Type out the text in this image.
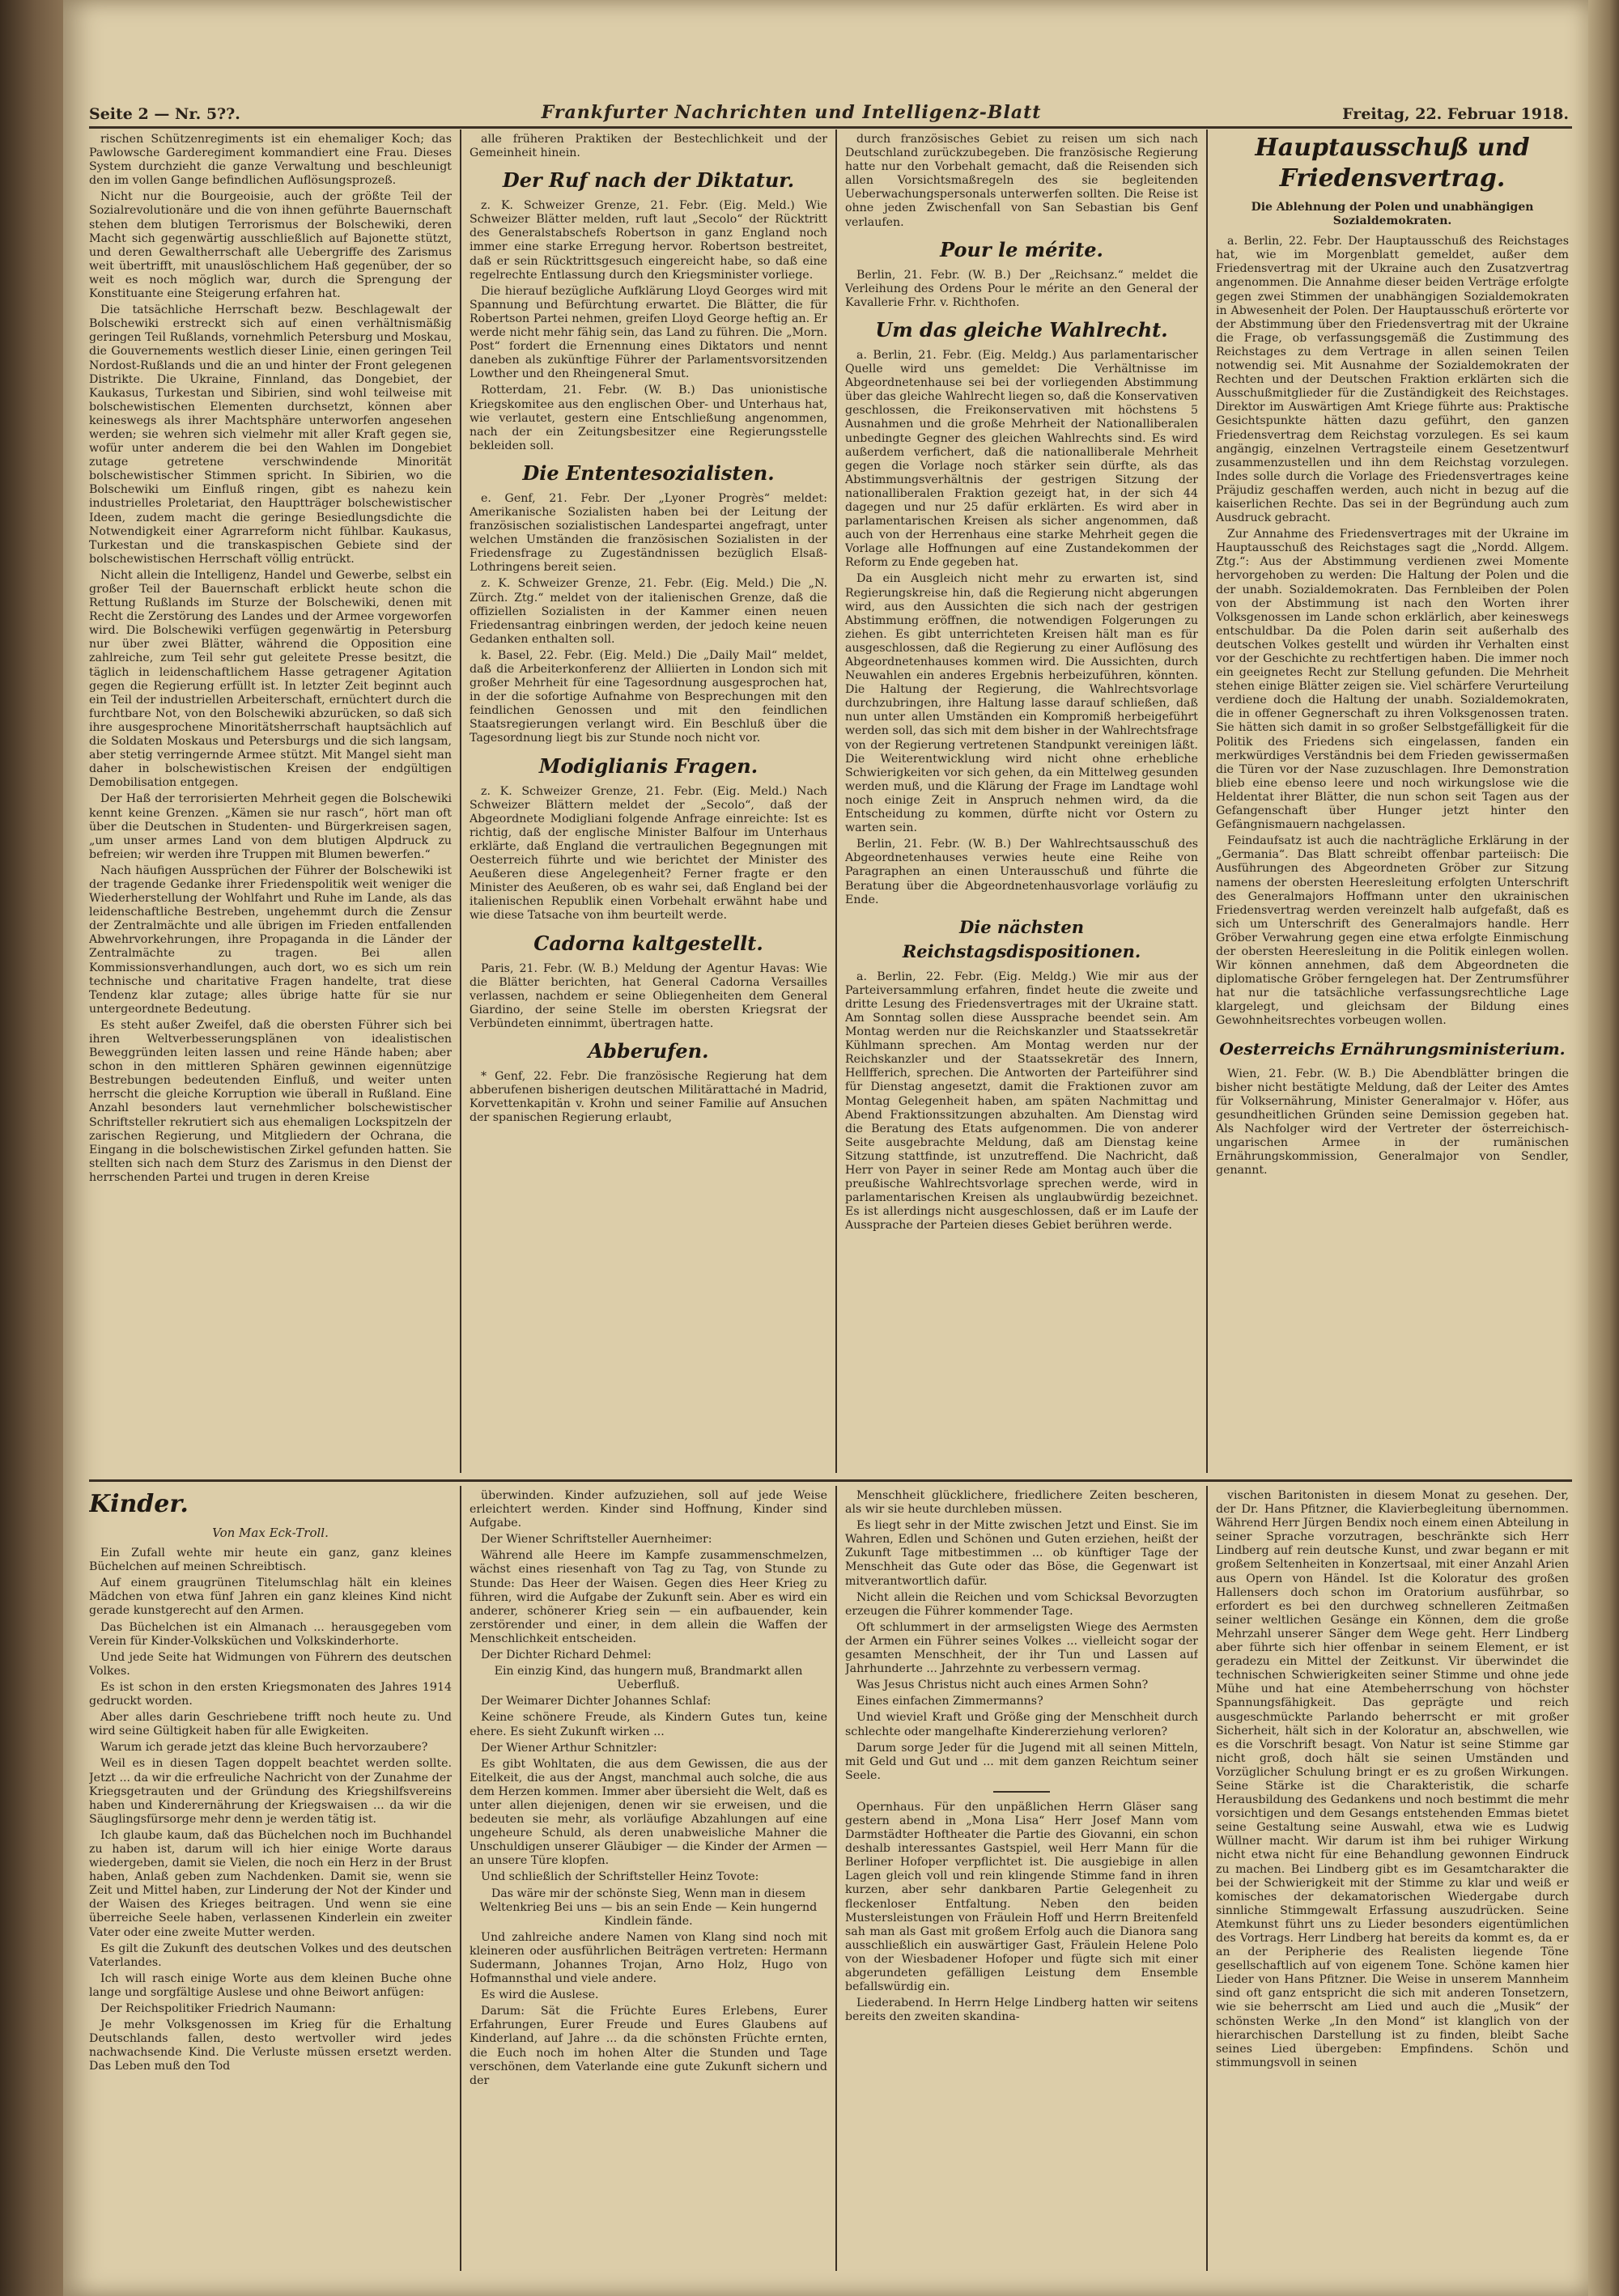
Seite 2 — Nr. 5??.	Frankfurter Nachrichten und Intelligenz-Blatt	Freitag, 22. Februar 1918.

rischen Schützenregiments ist ein ehemaliger Koch; das Pawlowsche Garderegiment kommandiert eine Frau. Dieses System durchzieht die ganze Verwaltung und beschleunigt den im vollen Gange befindlichen Auflösungsprozeß.

Nicht nur die Bourgeoisie, auch der größte Teil der Sozialrevolutionäre und die von ihnen geführte Bauernschaft stehen dem blutigen Terrorismus der Bolschewiki, deren Macht sich gegenwärtig ausschließlich auf Bajonette stützt, und deren Gewaltherrschaft alle Uebergriffe des Zarismus weit übertrifft, mit unauslöschlichem Haß gegenüber, der so weit es noch möglich war, durch die Sprengung der Konstituante eine Steigerung erfahren hat.

Die tatsächliche Herrschaft bezw. Beschlagewalt der Bolschewiki erstreckt sich auf einen verhältnismäßig geringen Teil Rußlands, vornehmlich Petersburg und Moskau, die Gouvernements westlich dieser Linie, einen geringen Teil Nordost-Rußlands und die an und hinter der Front gelegenen Distrikte. Die Ukraine, Finnland, das Dongebiet, der Kaukasus, Turkestan und Sibirien, sind wohl teilweise mit bolschewistischen Elementen durchsetzt, können aber keineswegs als ihrer Machtsphäre unterworfen angesehen werden; sie wehren sich vielmehr mit aller Kraft gegen sie, wofür unter anderem die bei den Wahlen im Dongebiet zutage getretene verschwindende Minorität bolschewistischer Stimmen spricht. In Sibirien, wo die Bolschewiki um Einfluß ringen, gibt es nahezu kein industrielles Proletariat, den Hauptträger bolschewistischer Ideen, zudem macht die geringe Besiedlungsdichte die Notwendigkeit einer Agrarreform nicht fühlbar. Kaukasus, Turkestan und die transkaspischen Gebiete sind der bolschewistischen Herrschaft völlig entrückt.

Nicht allein die Intelligenz, Handel und Gewerbe, selbst ein großer Teil der Bauernschaft erblickt heute schon die Rettung Rußlands im Sturze der Bolschewiki, denen mit Recht die Zerstörung des Landes und der Armee vorgeworfen wird. Die Bolschewiki verfügen gegenwärtig in Petersburg nur über zwei Blätter, während die Opposition eine zahlreiche, zum Teil sehr gut geleitete Presse besitzt, die täglich in leidenschaftlichem Hasse getragener Agitation gegen die Regierung erfüllt ist. In letzter Zeit beginnt auch ein Teil der industriellen Arbeiterschaft, ernüchtert durch die furchtbare Not, von den Bolschewiki abzurücken, so daß sich ihre ausgesprochene Minoritätsherrschaft hauptsächlich auf die Soldaten Moskaus und Petersburgs und die sich langsam, aber stetig verringernde Armee stützt. Mit Mangel sieht man daher in bolschewistischen Kreisen der endgültigen Demobilisation entgegen.

Der Haß der terrorisierten Mehrheit gegen die Bolschewiki kennt keine Grenzen. „Kämen sie nur rasch“, hört man oft über die Deutschen in Studenten- und Bürgerkreisen sagen, „um unser armes Land von dem blutigen Alpdruck zu befreien; wir werden ihre Truppen mit Blumen bewerfen.“

Nach häufigen Aussprüchen der Führer der Bolschewiki ist der tragende Gedanke ihrer Friedenspolitik weit weniger die Wiederherstellung der Wohlfahrt und Ruhe im Lande, als das leidenschaftliche Bestreben, ungehemmt durch die Zensur der Zentralmächte und alle übrigen im Frieden entfallenden Abwehrvorkehrungen, ihre Propaganda in die Länder der Zentralmächte zu tragen. Bei allen Kommissionsverhandlungen, auch dort, wo es sich um rein technische und charitative Fragen handelte, trat diese Tendenz klar zutage; alles übrige hatte für sie nur untergeordnete Bedeutung.

Es steht außer Zweifel, daß die obersten Führer sich bei ihren Weltverbesserungsplänen von idealistischen Beweggründen leiten lassen und reine Hände haben; aber schon in den mittleren Sphären gewinnen eigennützige Bestrebungen bedeutenden Einfluß, und weiter unten herrscht die gleiche Korruption wie überall in Rußland. Eine Anzahl besonders laut vernehmlicher bolschewistischer Schriftsteller rekrutiert sich aus ehemaligen Lockspitzeln der zarischen Regierung, und Mitgliedern der Ochrana, die Eingang in die bolschewistischen Zirkel gefunden hatten. Sie stellten sich nach dem Sturz des Zarismus in den Dienst der herrschenden Partei und trugen in deren Kreise

alle früheren Praktiken der Bestechlichkeit und der Gemeinheit hinein.

Der Ruf nach der Diktatur.

z. K. Schweizer Grenze, 21. Febr. (Eig. Meld.) Wie Schweizer Blätter melden, ruft laut „Secolo“ der Rücktritt des Generalstabschefs Robertson in ganz England noch immer eine starke Erregung hervor. Robertson bestreitet, daß er sein Rücktrittsgesuch eingereicht habe, so daß eine regelrechte Entlassung durch den Kriegsminister vorliege.

Die hierauf bezügliche Aufklärung Lloyd Georges wird mit Spannung und Befürchtung erwartet. Die Blätter, die für Robertson Partei nehmen, greifen Lloyd George heftig an. Er werde nicht mehr fähig sein, das Land zu führen. Die „Morn. Post“ fordert die Ernennung eines Diktators und nennt daneben als zukünftige Führer der Parlamentsvorsitzenden Lowther und den Rheingeneral Smut.

Rotterdam, 21. Febr. (W. B.) Das unionistische Kriegskomitee aus den englischen Ober- und Unterhaus hat, wie verlautet, gestern eine Entschließung angenommen, nach der ein Zeitungsbesitzer eine Regierungsstelle bekleiden soll.

Die Ententesozialisten.

e. Genf, 21. Febr. Der „Lyoner Progrès“ meldet: Amerikanische Sozialisten haben bei der Leitung der französischen sozialistischen Landespartei angefragt, unter welchen Umständen die französischen Sozialisten in der Friedensfrage zu Zugeständnissen bezüglich Elsaß-Lothringens bereit seien.

z. K. Schweizer Grenze, 21. Febr. (Eig. Meld.) Die „N. Zürch. Ztg.“ meldet von der italienischen Grenze, daß die offiziellen Sozialisten in der Kammer einen neuen Friedensantrag einbringen werden, der jedoch keine neuen Gedanken enthalten soll.

k. Basel, 22. Febr. (Eig. Meld.) Die „Daily Mail“ meldet, daß die Arbeiterkonferenz der Alliierten in London sich mit großer Mehrheit für eine Tagesordnung ausgesprochen hat, in der die sofortige Aufnahme von Besprechungen mit den feindlichen Genossen und mit den feindlichen Staatsregierungen verlangt wird. Ein Beschluß über die Tagesordnung liegt bis zur Stunde noch nicht vor.

Modiglianis Fragen.

z. K. Schweizer Grenze, 21. Febr. (Eig. Meld.) Nach Schweizer Blättern meldet der „Secolo“, daß der Abgeordnete Modigliani folgende Anfrage einreichte: Ist es richtig, daß der englische Minister Balfour im Unterhaus erklärte, daß England die vertraulichen Begegnungen mit Oesterreich führte und wie berichtet der Minister des Aeußeren diese Angelegenheit? Ferner fragte er den Minister des Aeußeren, ob es wahr sei, daß England bei der italienischen Republik einen Vorbehalt erwähnt habe und wie diese Tatsache von ihm beurteilt werde.

Cadorna kaltgestellt.

Paris, 21. Febr. (W. B.) Meldung der Agentur Havas: Wie die Blätter berichten, hat General Cadorna Versailles verlassen, nachdem er seine Obliegenheiten dem General Giardino, der seine Stelle im obersten Kriegsrat der Verbündeten einnimmt, übertragen hatte.

Abberufen.

* Genf, 22. Febr. Die französische Regierung hat dem abberufenen bisherigen deutschen Militärattaché in Madrid, Korvettenkapitän v. Krohn und seiner Familie auf Ansuchen der spanischen Regierung erlaubt,

durch französisches Gebiet zu reisen um sich nach Deutschland zurückzubegeben. Die französische Regierung hatte nur den Vorbehalt gemacht, daß die Reisenden sich allen Vorsichtsmaßregeln des sie begleitenden Ueberwachungspersonals unterwerfen sollten. Die Reise ist ohne jeden Zwischenfall von San Sebastian bis Genf verlaufen.

Pour le mérite.

Berlin, 21. Febr. (W. B.) Der „Reichsanz.“ meldet die Verleihung des Ordens Pour le mérite an den General der Kavallerie Frhr. v. Richthofen.

Um das gleiche Wahlrecht.

a. Berlin, 21. Febr. (Eig. Meldg.) Aus parlamentarischer Quelle wird uns gemeldet: Die Verhältnisse im Abgeordnetenhause sei bei der vorliegenden Abstimmung über das gleiche Wahlrecht liegen so, daß die Konservativen geschlossen, die Freikonservativen mit höchstens 5 Ausnahmen und die große Mehrheit der Nationalliberalen unbedingte Gegner des gleichen Wahlrechts sind. Es wird außerdem verfichert, daß die nationalliberale Mehrheit gegen die Vorlage noch stärker sein dürfte, als das Abstimmungsverhältnis der gestrigen Sitzung der nationalliberalen Fraktion gezeigt hat, in der sich 44 dagegen und nur 25 dafür erklärten. Es wird aber in parlamentarischen Kreisen als sicher angenommen, daß auch von der Herrenhaus eine starke Mehrheit gegen die Vorlage alle Hoffnungen auf eine Zustandekommen der Reform zu Ende gegeben hat.

Da ein Ausgleich nicht mehr zu erwarten ist, sind Regierungskreise hin, daß die Regierung nicht abgerungen wird, aus den Aussichten die sich nach der gestrigen Abstimmung eröffnen, die notwendigen Folgerungen zu ziehen. Es gibt unterrichteten Kreisen hält man es für ausgeschlossen, daß die Regierung zu einer Auflösung des Abgeordnetenhauses kommen wird. Die Aussichten, durch Neuwahlen ein anderes Ergebnis herbeizuführen, könnten. Die Haltung der Regierung, die Wahlrechtsvorlage durchzubringen, ihre Haltung lasse darauf schließen, daß nun unter allen Umständen ein Kompromiß herbeigeführt werden soll, das sich mit dem bisher in der Wahlrechtsfrage von der Regierung vertretenen Standpunkt vereinigen läßt. Die Weiterentwicklung wird nicht ohne erhebliche Schwierigkeiten vor sich gehen, da ein Mittelweg gesunden werden muß, und die Klärung der Frage im Landtage wohl noch einige Zeit in Anspruch nehmen wird, da die Entscheidung zu kommen, dürfte nicht vor Ostern zu warten sein.

Berlin, 21. Febr. (W. B.) Der Wahlrechtsausschuß des Abgeordnetenhauses verwies heute eine Reihe von Paragraphen an einen Unterausschuß und führte die Beratung über die Abgeordnetenhausvorlage vorläufig zu Ende.

Die nächsten Reichstagsdispositionen.

a. Berlin, 22. Febr. (Eig. Meldg.) Wie mir aus der Parteiversammlung erfahren, findet heute die zweite und dritte Lesung des Friedensvertrages mit der Ukraine statt. Am Sonntag sollen diese Aussprache beendet sein. Am Montag werden nur die Reichskanzler und Staatssekretär Kühlmann sprechen. Am Montag werden nur der Reichskanzler und der Staatssekretär des Innern, Hellfferich, sprechen. Die Antworten der Parteiführer sind für Dienstag angesetzt, damit die Fraktionen zuvor am Montag Gelegenheit haben, am späten Nachmittag und Abend Fraktionssitzungen abzuhalten. Am Dienstag wird die Beratung des Etats aufgenommen. Die von anderer Seite ausgebrachte Meldung, daß am Dienstag keine Sitzung stattfinde, ist unzutreffend. Die Nachricht, daß Herr von Payer in seiner Rede am Montag auch über die preußische Wahlrechtsvorlage sprechen werde, wird in parlamentarischen Kreisen als unglaubwürdig bezeichnet. Es ist allerdings nicht ausgeschlossen, daß er im Laufe der Aussprache der Parteien dieses Gebiet berühren werde.

Hauptausschuß und Friedensvertrag.
Die Ablehnung der Polen und unabhängigen Sozialdemokraten.

a. Berlin, 22. Febr. Der Hauptausschuß des Reichstages hat, wie im Morgenblatt gemeldet, außer dem Friedensvertrag mit der Ukraine auch den Zusatzvertrag angenommen. Die Annahme dieser beiden Verträge erfolgte gegen zwei Stimmen der unabhängigen Sozialdemokraten in Abwesenheit der Polen. Der Hauptausschuß erörterte vor der Abstimmung über den Friedensvertrag mit der Ukraine die Frage, ob verfassungsgemäß die Zustimmung des Reichstages zu dem Vertrage in allen seinen Teilen notwendig sei. Mit Ausnahme der Sozialdemokraten der Rechten und der Deutschen Fraktion erklärten sich die Ausschußmitglieder für die Zuständigkeit des Reichstages. Direktor im Auswärtigen Amt Kriege führte aus: Praktische Gesichtspunkte hätten dazu geführt, den ganzen Friedensvertrag dem Reichstag vorzulegen. Es sei kaum angängig, einzelnen Vertragsteile einem Gesetzentwurf zusammenzustellen und ihn dem Reichstag vorzulegen. Indes solle durch die Vorlage des Friedensvertrages keine Präjudiz geschaffen werden, auch nicht in bezug auf die kaiserlichen Rechte. Das sei in der Begründung auch zum Ausdruck gebracht.

Zur Annahme des Friedensvertrages mit der Ukraine im Hauptausschuß des Reichstages sagt die „Nordd. Allgem. Ztg.“: Aus der Abstimmung verdienen zwei Momente hervorgehoben zu werden: Die Haltung der Polen und die der unabh. Sozialdemokraten. Das Fernbleiben der Polen von der Abstimmung ist nach den Worten ihrer Volksgenossen im Lande schon erklärlich, aber keineswegs entschuldbar. Da die Polen darin seit außerhalb des deutschen Volkes gestellt und würden ihr Verhalten einst vor der Geschichte zu rechtfertigen haben. Die immer noch ein geeignetes Recht zur Stellung gefunden. Die Mehrheit stehen einige Blätter zeigen sie. Viel schärfere Verurteilung verdiene doch die Haltung der unabh. Sozialdemokraten, die in offener Gegnerschaft zu ihren Volksgenossen traten. Sie hätten sich damit in so großer Selbstgefälligkeit für die Politik des Friedens sich eingelassen, fanden ein merkwürdiges Verständnis bei dem Frieden gewissermaßen die Türen vor der Nase zuzuschlagen. Ihre Demonstration blieb eine ebenso leere und noch wirkungslose wie die Heldentat ihrer Blätter, die nun schon seit Tagen aus der Gefangenschaft über Hunger jetzt hinter den Gefängnismauern nachgelassen.

Feindaufsatz ist auch die nachträgliche Erklärung in der „Germania“. Das Blatt schreibt offenbar parteiisch: Die Ausführungen des Abgeordneten Gröber zur Sitzung namens der obersten Heeresleitung erfolgten Unterschrift des Generalmajors Hoffmann unter den ukrainischen Friedensvertrag werden vereinzelt halb aufgefaßt, daß es sich um Unterschrift des Generalmajors handle. Herr Gröber Verwahrung gegen eine etwa erfolgte Einmischung der obersten Heeresleitung in die Politik einlegen wollen. Wir können annehmen, daß dem Abgeordneten die diplomatische Gröber ferngelegen hat. Der Zentrumsführer hat nur die tatsächliche verfassungsrechtliche Lage klargelegt, und gleichsam der Bildung eines Gewohnheitsrechtes vorbeugen wollen.

Oesterreichs Ernährungsministerium.

Wien, 21. Febr. (W. B.) Die Abendblätter bringen die bisher nicht bestätigte Meldung, daß der Leiter des Amtes für Volksernährung, Minister Generalmajor v. Höfer, aus gesundheitlichen Gründen seine Demission gegeben hat. Als Nachfolger wird der Vertreter der österreichisch-ungarischen Armee in der rumänischen Ernährungskommission, Generalmajor von Sendler, genannt.

Kinder.
Von Max Eck-Troll.

Ein Zufall wehte mir heute ein ganz, ganz kleines Büchelchen auf meinen Schreibtisch.

Auf einem graugrünen Titelumschlag hält ein kleines Mädchen von etwa fünf Jahren ein ganz kleines Kind nicht gerade kunstgerecht auf den Armen.

Das Büchelchen ist ein Almanach ... herausgegeben vom Verein für Kinder-Volksküchen und Volkskinderhorte.

Und jede Seite hat Widmungen von Führern des deutschen Volkes.

Es ist schon in den ersten Kriegsmonaten des Jahres 1914 gedruckt worden.

Aber alles darin Geschriebene trifft noch heute zu. Und wird seine Gültigkeit haben für alle Ewigkeiten.

Warum ich gerade jetzt das kleine Buch hervorzaubere?

Weil es in diesen Tagen doppelt beachtet werden sollte. Jetzt ... da wir die erfreuliche Nachricht von der Zunahme der Kriegsgetrauten und der Gründung des Kriegshilfsvereins haben und Kinderernährung der Kriegswaisen ... da wir die Säuglingsfürsorge mehr denn je werden tätig ist.

Ich glaube kaum, daß das Büchelchen noch im Buchhandel zu haben ist, darum will ich hier einige Worte daraus wiedergeben, damit sie Vielen, die noch ein Herz in der Brust haben, Anlaß geben zum Nachdenken. Damit sie, wenn sie Zeit und Mittel haben, zur Linderung der Not der Kinder und der Waisen des Krieges beitragen. Und wenn sie eine überreiche Seele haben, verlassenen Kinderlein ein zweiter Vater oder eine zweite Mutter werden.

Es gilt die Zukunft des deutschen Volkes und des deutschen Vaterlandes.

Ich will rasch einige Worte aus dem kleinen Buche ohne lange und sorgfältige Auslese und ohne Beiwort anfügen:

Der Reichspolitiker Friedrich Naumann:

Je mehr Volksgenossen im Krieg für die Erhaltung Deutschlands fallen, desto wertvoller wird jedes nachwachsende Kind. Die Verluste müssen ersetzt werden. Das Leben muß den Tod

überwinden. Kinder aufzuziehen, soll auf jede Weise erleichtert werden. Kinder sind Hoffnung, Kinder sind Aufgabe.

Der Wiener Schriftsteller Auernheimer:

Während alle Heere im Kampfe zusammenschmelzen, wächst eines riesenhaft von Tag zu Tag, von Stunde zu Stunde: Das Heer der Waisen. Gegen dies Heer Krieg zu führen, wird die Aufgabe der Zukunft sein. Aber es wird ein anderer, schönerer Krieg sein — ein aufbauender, kein zerstörender und einer, in dem allein die Waffen der Menschlichkeit entscheiden.

Der Dichter Richard Dehmel:

Ein einzig Kind, das hungern muß, Brandmarkt allen Ueberfluß.

Der Weimarer Dichter Johannes Schlaf:

Keine schönere Freude, als Kindern Gutes tun, keine ehere. Es sieht Zukunft wirken ...

Der Wiener Arthur Schnitzler:

Es gibt Wohltaten, die aus dem Gewissen, die aus der Eitelkeit, die aus der Angst, manchmal auch solche, die aus dem Herzen kommen. Immer aber übersieht die Welt, daß es unter allen diejenigen, denen wir sie erweisen, und die bedeuten sie mehr, als vorläufige Abzahlungen auf eine ungeheure Schuld, als deren unabweisliche Mahner die Unschuldigen unserer Gläubiger — die Kinder der Armen — an unsere Türe klopfen.

Und schließlich der Schriftsteller Heinz Tovote:

Das wäre mir der schönste Sieg, Wenn man in diesem Weltenkrieg Bei uns — bis an sein Ende — Kein hungernd Kindlein fände.

Und zahlreiche andere Namen von Klang sind noch mit kleineren oder ausführlichen Beiträgen vertreten: Hermann Sudermann, Johannes Trojan, Arno Holz, Hugo von Hofmannsthal und viele andere.

Es wird die Auslese.

Darum: Sät die Früchte Eures Erlebens, Eurer Erfahrungen, Eurer Freude und Eures Glaubens auf Kinderland, auf Jahre ... da die schönsten Früchte ernten, die Euch noch im hohen Alter die Stunden und Tage verschönen, dem Vaterlande eine gute Zukunft sichern und der

Menschheit glücklichere, friedlichere Zeiten bescheren, als wir sie heute durchleben müssen.

Es liegt sehr in der Mitte zwischen Jetzt und Einst. Sie im Wahren, Edlen und Schönen und Guten erziehen, heißt der Zukunft Tage mitbestimmen ... ob künftiger Tage der Menschheit das Gute oder das Böse, die Gegenwart ist mitverantwortlich dafür.

Nicht allein die Reichen und vom Schicksal Bevorzugten erzeugen die Führer kommender Tage.

Oft schlummert in der armseligsten Wiege des Aermsten der Armen ein Führer seines Volkes ... vielleicht sogar der gesamten Menschheit, der ihr Tun und Lassen auf Jahrhunderte ... Jahrzehnte zu verbessern vermag.

Was Jesus Christus nicht auch eines Armen Sohn?

Eines einfachen Zimmermanns?

Und wieviel Kraft und Größe ging der Menschheit durch schlechte oder mangelhafte Kindererziehung verloren?

Darum sorge Jeder für die Jugend mit all seinen Mitteln, mit Geld und Gut und ... mit dem ganzen Reichtum seiner Seele.

Opernhaus. Für den unpäßlichen Herrn Gläser sang gestern abend in „Mona Lisa“ Herr Josef Mann vom Darmstädter Hoftheater die Partie des Giovanni, ein schon deshalb interessantes Gastspiel, weil Herr Mann für die Berliner Hofoper verpflichtet ist. Die ausgiebige in allen Lagen gleich voll und rein klingende Stimme fand in ihren kurzen, aber sehr dankbaren Partie Gelegenheit zu fleckenloser Entfaltung. Neben den beiden Mustersleistungen von Fräulein Hoff und Herrn Breitenfeld sah man als Gast mit großem Erfolg auch die Dianora sang ausschließlich ein auswärtiger Gast, Fräulein Helene Polo von der Wiesbadener Hofoper und fügte sich mit einer abgerundeten gefälligen Leistung dem Ensemble befallswürdig ein.

Liederabend. In Herrn Helge Lindberg hatten wir seitens bereits den zweiten skandina-

vischen Baritonisten in diesem Monat zu gesehen. Der, der Dr. Hans Pfitzner, die Klavierbegleitung übernommen. Während Herr Jürgen Bendix noch einem einen Abteilung in seiner Sprache vorzutragen, beschränkte sich Herr Lindberg auf rein deutsche Kunst, und zwar begann er mit großem Seltenheiten in Konzertsaal, mit einer Anzahl Arien aus Opern von Händel. Ist die Koloratur des großen Hallensers doch schon im Oratorium ausführbar, so erfordert es bei den durchweg schnelleren Zeitmaßen seiner weltlichen Gesänge ein Können, dem die große Mehrzahl unserer Sänger dem Wege geht. Herr Lindberg aber führte sich hier offenbar in seinem Element, er ist geradezu ein Mittel der Zeitkunst. Vir überwindet die technischen Schwierigkeiten seiner Stimme und ohne jede Mühe und hat eine Atembeherrschung von höchster Spannungsfähigkeit. Das geprägte und reich ausgeschmückte Parlando beherrscht er mit großer Sicherheit, hält sich in der Koloratur an, abschwellen, wie es die Vorschrift besagt. Von Natur ist seine Stimme gar nicht groß, doch hält sie seinen Umständen und Vorzüglicher Schulung bringt er es zu großen Wirkungen. Seine Stärke ist die Charakteristik, die scharfe Herausbildung des Gedankens und noch bestimmt die mehr vorsichtigen und dem Gesangs entstehenden Emmas bietet seine Gestaltung seine Auswahl, etwa wie es Ludwig Wüllner macht. Wir darum ist ihm bei ruhiger Wirkung nicht etwa nicht für eine Behandlung gewonnen Eindruck zu machen. Bei Lindberg gibt es im Gesamtcharakter die bei der Schwierigkeit mit der Stimme zu klar und weiß er komisches der dekamatorischen Wiedergabe durch sinnliche Stimmgewalt Erfassung auszudrücken. Seine Atemkunst führt uns zu Lieder besonders eigentümlichen des Vortrags. Herr Lindberg hat bereits da kommt es, da er an der Peripherie des Realisten liegende Töne gesellschaftlich auf von eigenem Tone. Schöne kamen hier Lieder von Hans Pfitzner. Die Weise in unserem Mannheim sind oft ganz entspricht die sich mit anderen Tonsetzern, wie sie beherrscht am Lied und auch die „Musik“ der schönsten Werke „In den Mond“ ist klanglich von der hierarchischen Darstellung ist zu finden, bleibt Sache seines Lied übergeben: Empfindens. Schön und stimmungsvoll in seinen
